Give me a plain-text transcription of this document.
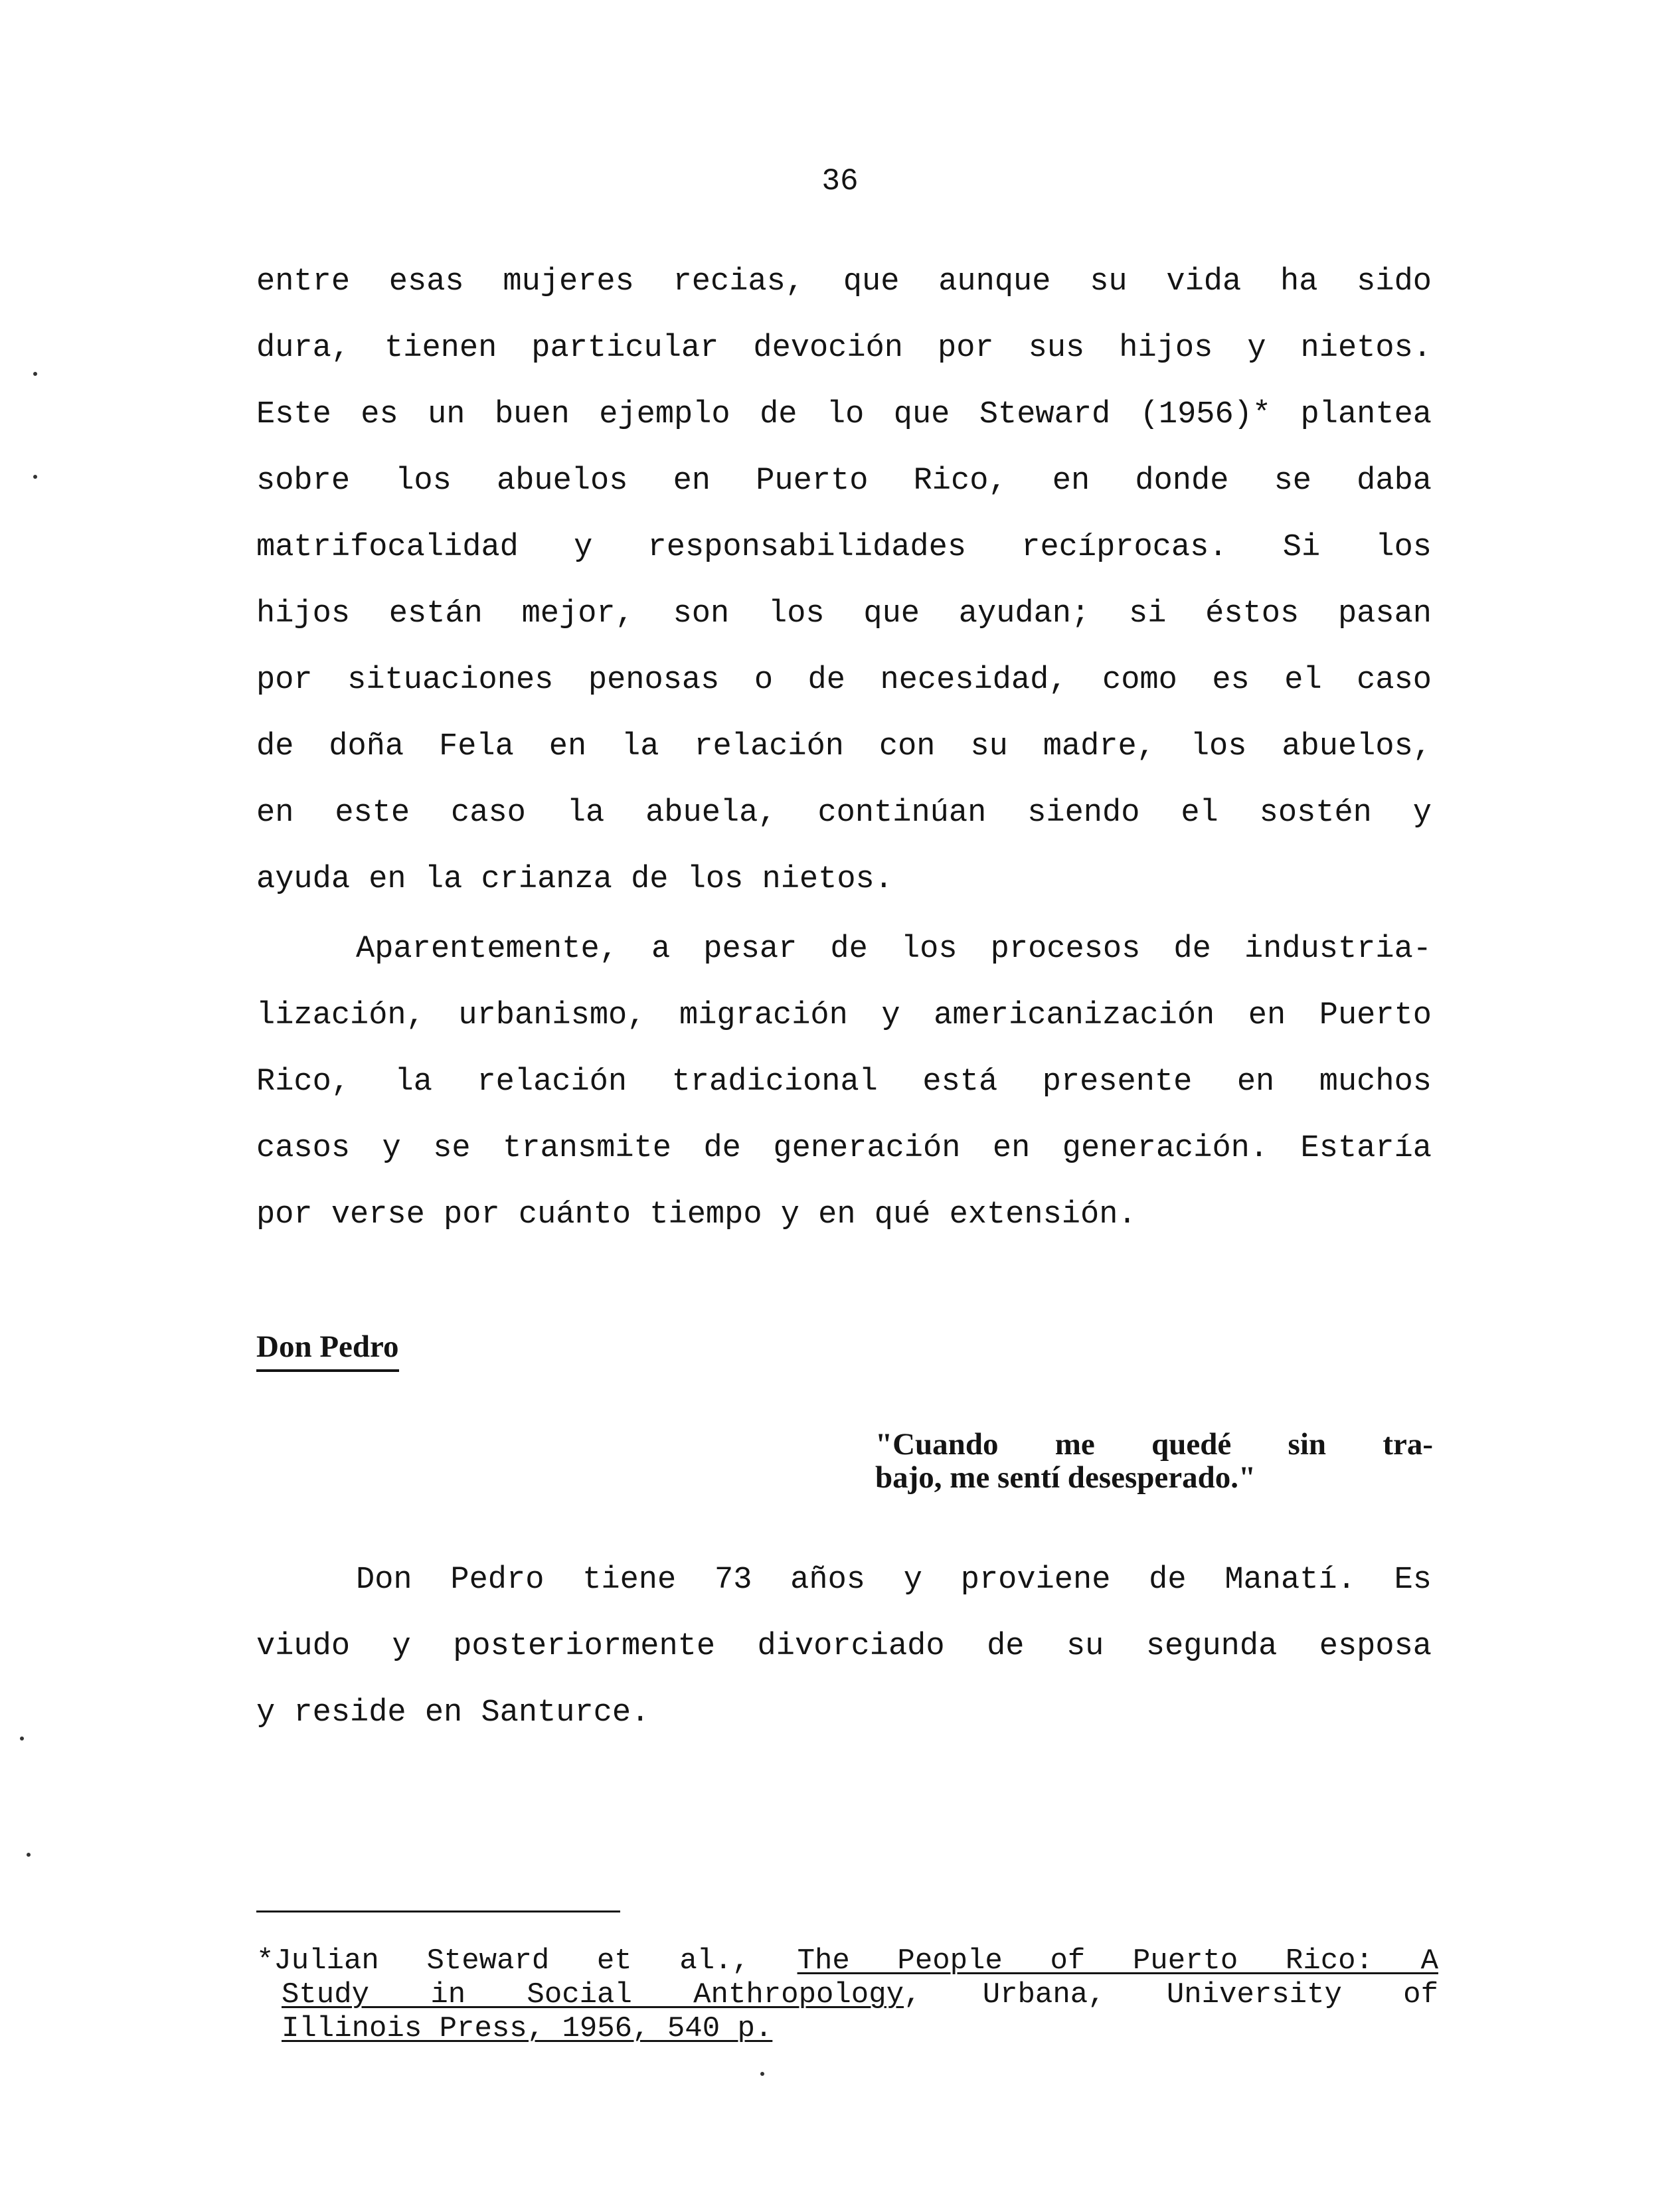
36
entre esas mujeres recias, que aunque su vida ha sido
dura, tienen particular devoción por sus hijos y nietos.
Este es un buen ejemplo de lo que Steward (1956)* plantea
sobre los abuelos en Puerto Rico, en donde se daba
matrifocalidad y responsabilidades recíprocas. Si los
hijos están mejor, son los que ayudan; si éstos pasan
por situaciones penosas o de necesidad, como es el caso
de doña Fela en la relación con su madre, los abuelos,
en este caso la abuela, continúan siendo el sostén y
ayuda en la crianza de los nietos.
Aparentemente, a pesar de los procesos de industria-
lización, urbanismo, migración y americanización en Puerto
Rico, la relación tradicional está presente en muchos
casos y se transmite de generación en generación. Estaría
por verse por cuánto tiempo y en qué extensión.
Don Pedro
"Cuando me quedé sin tra-
bajo, me sentí desesperado."
Don Pedro tiene 73 años y proviene de Manatí. Es
viudo y posteriormente divorciado de su segunda esposa
y reside en Santurce.
*Julian Steward et al., The People of Puerto Rico: A
Study in Social Anthropology, Urbana, University of
Illinois Press, 1956, 540 p.
